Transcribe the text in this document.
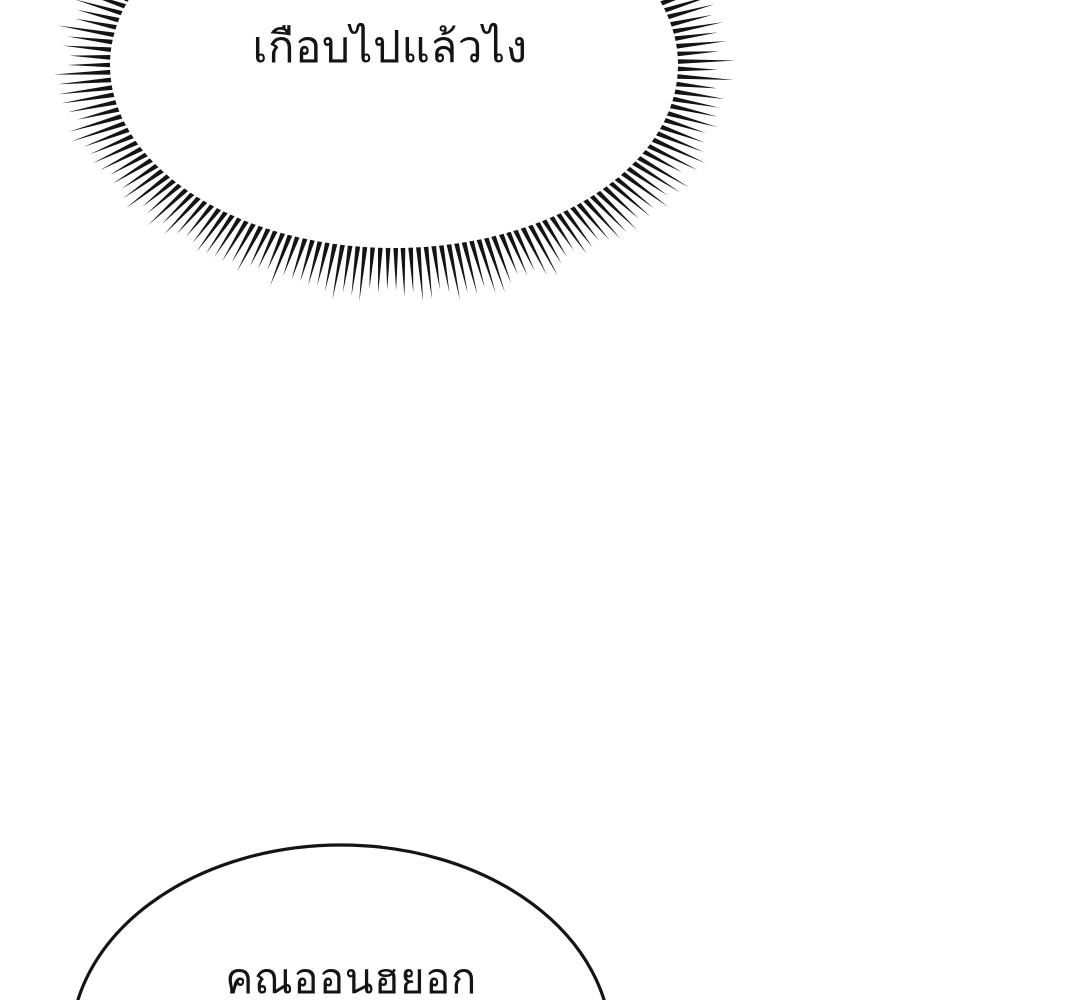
เกือบไปแล้วไง
คณออนฮยอก
